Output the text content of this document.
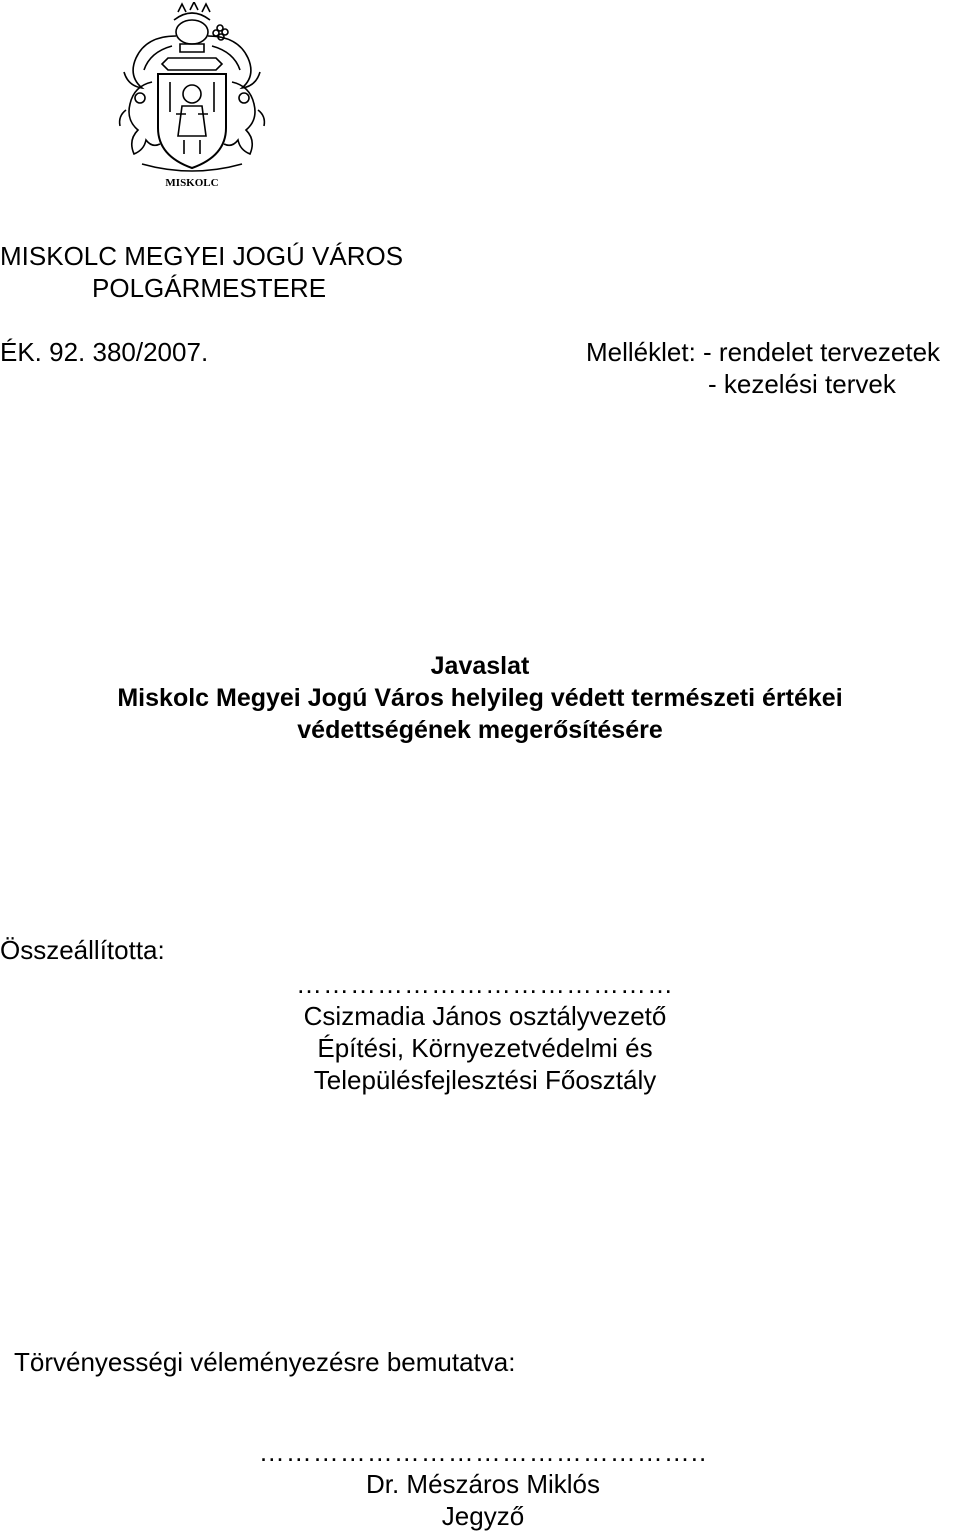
MISKOLC
MISKOLC MEGYEI JOGÚ VÁROS
POLGÁRMESTERE
ÉK. 92. 380/2007.	Melléklet: - rendelet tervezetek
- kezelési tervek
Javaslat
Miskolc Megyei Jogú Város helyileg védett természeti értékei
védettségének megerősítésére
Összeállította:
……………………………………
Csizmadia János osztályvezető
Építési, Környezetvédelmi és
Településfejlesztési Főosztály
Törvényességi véleményezésre bemutatva:
…………………………………………..
Dr. Mészáros Miklós
Jegyző
